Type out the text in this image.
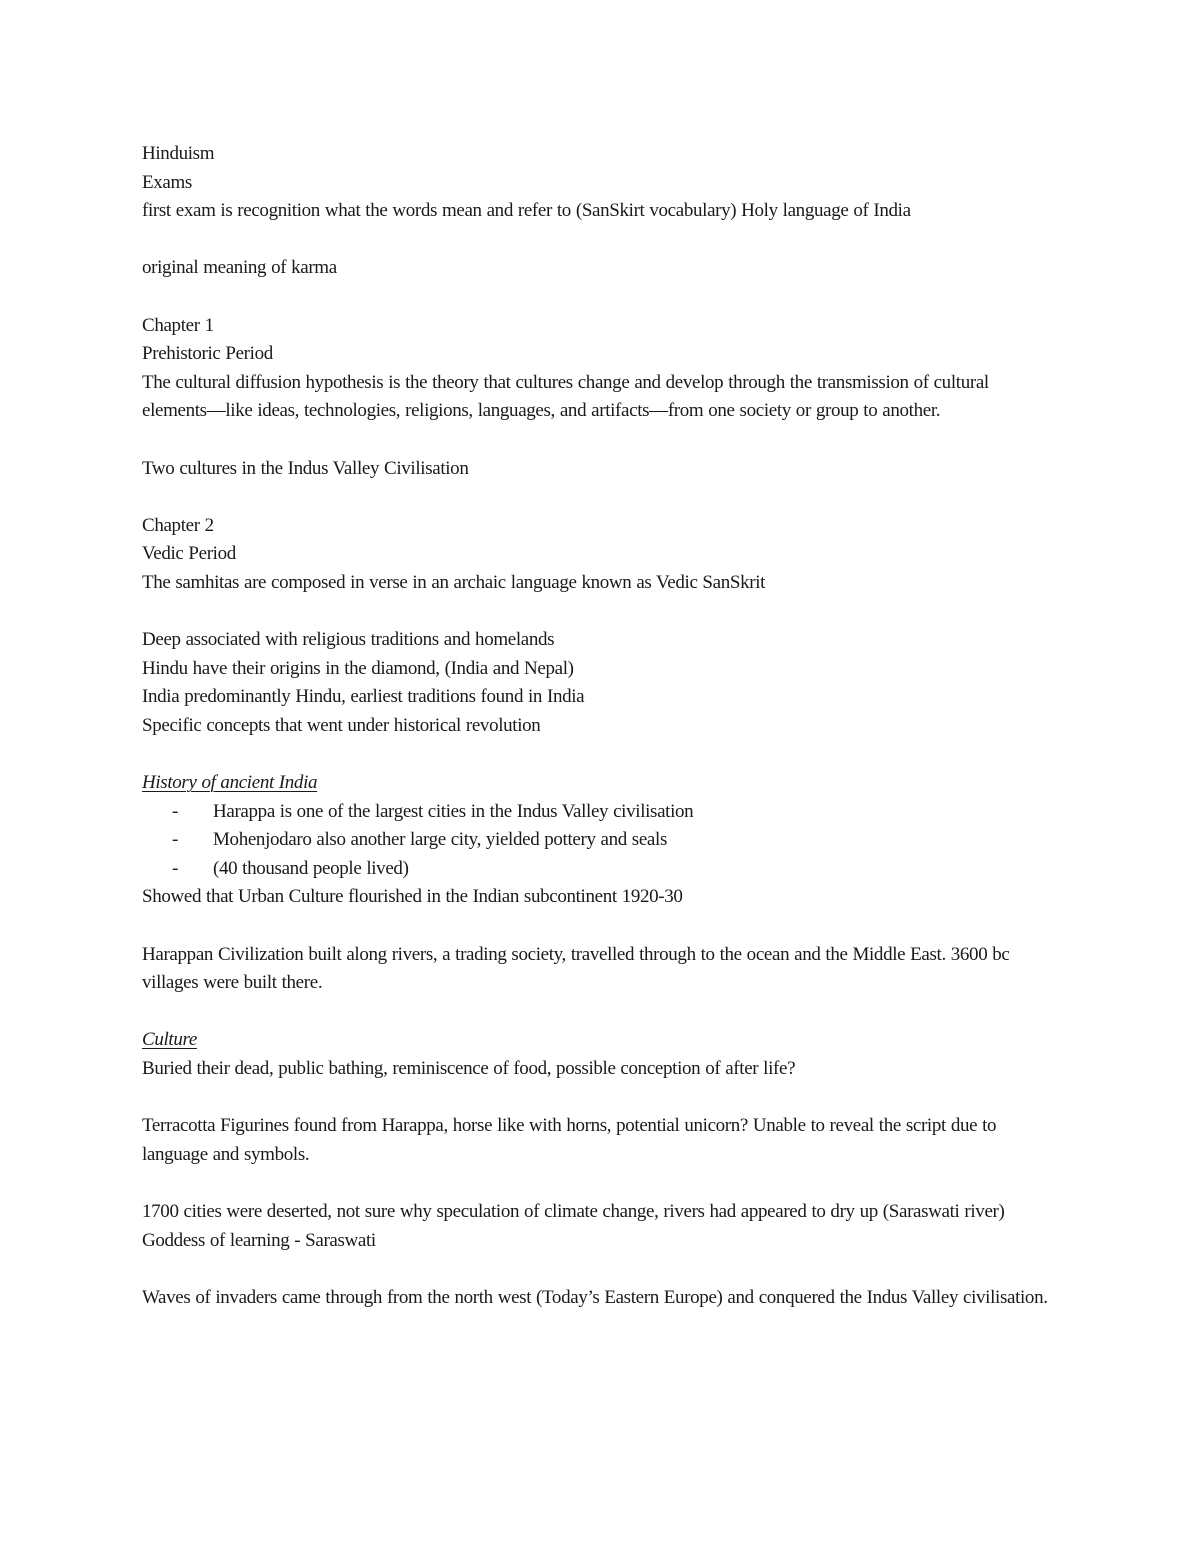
Hinduism

Exams

first exam is recognition what the words mean and refer to (SanSkirt vocabulary) Holy language of India

original meaning of karma

Chapter 1

Prehistoric Period

The cultural diffusion hypothesis is the theory that cultures change and develop through the transmission of cultural elements—like ideas, technologies, religions, languages, and artifacts—from one society or group to another.

Two cultures in the Indus Valley Civilisation

Chapter 2

Vedic Period

The samhitas are composed in verse in an archaic language known as Vedic SanSkrit

Deep associated with religious traditions and homelands

Hindu have their origins in the diamond, (India and Nepal)

India predominantly Hindu, earliest traditions found in India

Specific concepts that went under historical revolution

History of ancient India

- Harappa is one of the largest cities in the Indus Valley civilisation
- Mohenjodaro also another large city, yielded pottery and seals
- (40 thousand people lived)

Showed that Urban Culture flourished in the Indian subcontinent 1920-30

Harappan Civilization built along rivers, a trading society, travelled through to the ocean and the Middle East. 3600 bc villages were built there.

Culture

Buried their dead, public bathing, reminiscence of food, possible conception of after life?

Terracotta Figurines found from Harappa, horse like with horns, potential unicorn? Unable to reveal the script due to language and symbols.

1700 cities were deserted, not sure why speculation of climate change, rivers had appeared to dry up (Saraswati river)

Goddess of learning - Saraswati

Waves of invaders came through from the north west (Today’s Eastern Europe) and conquered the Indus Valley civilisation.
